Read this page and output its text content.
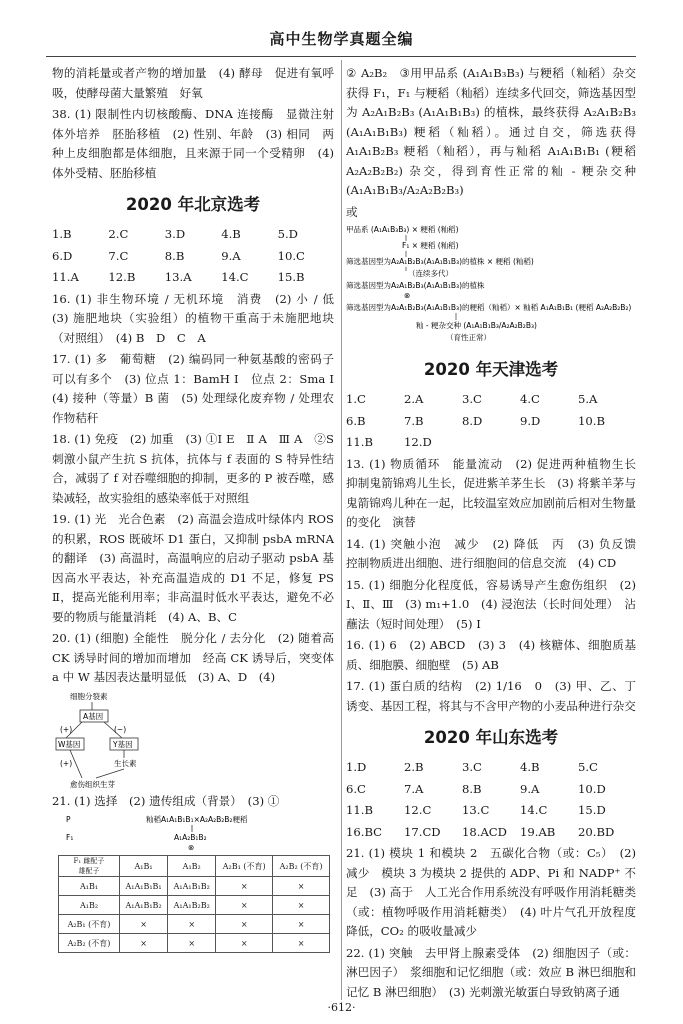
高中生物学真题全编

物的消耗量或者产物的增加量　(4) 酵母　促进有氧呼吸，使酵母菌大量繁殖　好氧

38. (1) 限制性内切核酸酶、DNA 连接酶　显微注射　体外培养　胚胎移植　(2) 性别、年龄　(3) 相同　两种上皮细胞都是体细胞，且来源于同一个受精卵　(4) 体外受精、胚胎移植

2020 年北京选考
1.B	2.C	3.D	4.B	5.D
6.D	7.C	8.B	9.A	10.C
11.A	12.B	13.A	14.C	15.B

16. (1) 非生物环境 / 无机环境　消费　(2) 小 / 低　(3) 施肥地块（实验组）的植物干重高于未施肥地块（对照组）　(4) B　D　C　A

17. (1) 多　葡萄糖　(2) 编码同一种氨基酸的密码子可以有多个　(3) 位点 1：BamH Ⅰ　位点 2：Sma Ⅰ　(4) 接种（等量）B 菌　(5) 处理绿化废弃物 / 处理农作物秸秆

18. (1) 免疫　(2) 加重　(3) ①Ⅰ E　Ⅱ A　Ⅲ A　②S 刺激小鼠产生抗 S 抗体，抗体与 f 表面的 S 特异性结合，减弱了 f 对吞噬细胞的抑制，更多的 P 被吞噬，感染减轻，故实验组的感染率低于对照组

19. (1) 光　光合色素　(2) 高温会造成叶绿体内 ROS 的积累，ROS 既破坏 D1 蛋白，又抑制 psbA mRNA 的翻译　(3) 高温时，高温响应的启动子驱动 psbA 基因高水平表达，补充高温造成的 D1 不足，修复 PS Ⅱ，提高光能利用率；非高温时低水平表达，避免不必要的物质与能量消耗　(4) A、B、C

20. (1) (细胞) 全能性　脱分化 / 去分化　(2) 随着高 CK 诱导时间的增加而增加　经高 CK 诱导后，突变体 a 中 W 基因表达量明显低　(3) A、D　(4)

细胞分裂素
A基因
(+)	(−)
W基因	Y基因
生长素
(+)
愈伤组织生芽

21. (1) 选择　(2) 遗传组成（背景）　(3) ①

P	籼稻A₁A₁B₁B₁×A₂A₂B₂B₂粳稻
F₁	A₁A₂B₁B₂
⊗
F₁ 雌配子
雄配子	A₁B₁	A₁B₂	A₂B₁ (不育)	A₂B₂ (不育)
A₁B₁	A₁A₁B₁B₁	A₁A₁B₁B₂	×	×
A₁B₂	A₁A₁B₁B₂	A₁A₁B₂B₂	×	×
A₂B₁ (不育)	×	×	×	×
A₂B₂ (不育)	×	×	×	×

② A₂B₂　③用甲品系 (A₁A₁B₃B₃) 与粳稻（籼稻）杂交获得 F₁，F₁ 与粳稻（籼稻）连续多代回交，筛选基因型为 A₂A₁B₂B₃ (A₁A₁B₁B₃) 的植株，最终获得 A₂A₁B₂B₃ (A₁A₁B₁B₃) 粳稻（籼稻）。通过自交，筛选获得 A₁A₁B₂B₃ 粳稻（籼稻），再与籼稻 A₁A₁B₁B₁ (粳稻 A₂A₂B₂B₂) 杂交，得到育性正常的籼 - 粳杂交种 (A₁A₁B₁B₃/A₂A₂B₂B₃)

或

甲品系 (A₁A₁B₃B₃) × 粳稻 (籼稻)
F₁ × 粳稻 (籼稻)
筛选基因型为A₂A₁B₂B₃(A₁A₁B₁B₃)的植株 × 粳稻 (籼稻)
（连续多代）
筛选基因型为A₂A₁B₂B₃(A₁A₁B₁B₃)的植株
⊗
筛选基因型为A₂A₁B₂B₃(A₁A₁B₁B₃)的粳稻（籼稻）× 籼稻 A₁A₁B₁B₁ (粳稻 A₂A₂B₂B₂)
籼 - 粳杂交种 (A₁A₁B₁B₃/A₂A₂B₂B₃)
（育性正常）
2020 年天津选考
1.C	2.A	3.C	4.C	5.A
6.B	7.B	8.D	9.D	10.B
11.B	12.D

13. (1) 物质循环　能量流动　(2) 促进两种植物生长　抑制鬼箭锦鸡儿生长，促进紫羊茅生长　(3) 将紫羊茅与鬼箭锦鸡儿种在一起，比较温室效应加剧前后相对生物量的变化　演替

14. (1) 突触小泡　减少　(2) 降低　丙　(3) 负反馈　控制物质进出细胞、进行细胞间的信息交流　(4) CD

15. (1) 细胞分化程度低，容易诱导产生愈伤组织　(2) Ⅰ、Ⅱ、Ⅲ　(3) m₁+1.0　(4) 浸泡法（长时间处理）　沾蘸法（短时间处理）　(5) Ⅰ

16. (1) 6　(2) ABCD　(3) 3　(4) 核糖体、细胞质基质、细胞膜、细胞壁　(5) AB

17. (1) 蛋白质的结构　(2) 1/16　0　(3) 甲、乙、丁　诱变、基因工程，将其与不含甲产物的小麦品种进行杂交

2020 年山东选考
1.D	2.B	3.C	4.B	5.C
6.C	7.A	8.B	9.A	10.D
11.B	12.C	13.C	14.C	15.D
16.BC	17.CD	18.ACD	19.AB	20.BD

21. (1) 模块 1 和模块 2　五碳化合物（或：C₅）　(2) 减少　模块 3 为模块 2 提供的 ADP、Pi 和 NADP⁺ 不足　(3) 高于　人工光合作用系统没有呼吸作用消耗糖类（或：植物呼吸作用消耗糖类）　(4) 叶片气孔开放程度降低，CO₂ 的吸收量减少

22. (1) 突触　去甲肾上腺素受体　(2) 细胞因子（或：淋巴因子）　浆细胞和记忆细胞（或：效应 B 淋巴细胞和记忆 B 淋巴细胞）　(3) 光刺激光敏蛋白导致钠离子通

·612·
